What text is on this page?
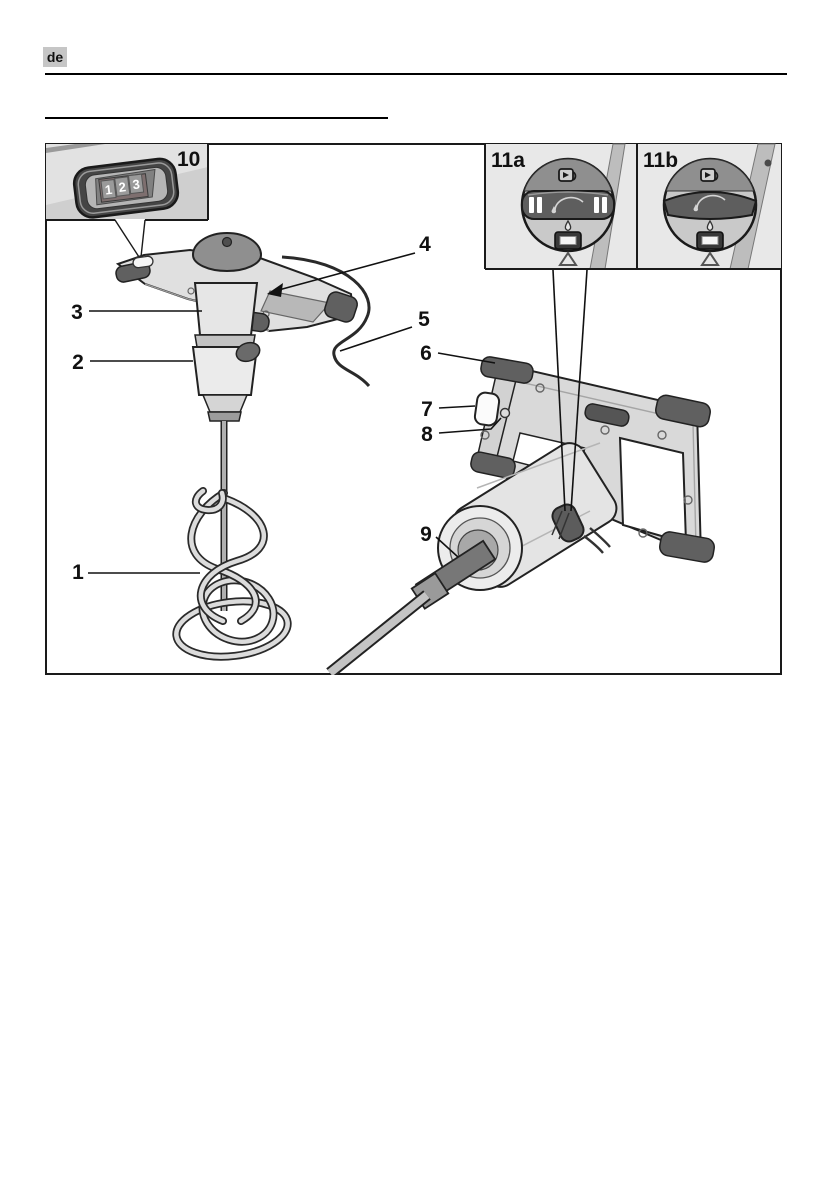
de
1 2 3
10	11a	11b
1
2
3
4
5
6
7
8
9
